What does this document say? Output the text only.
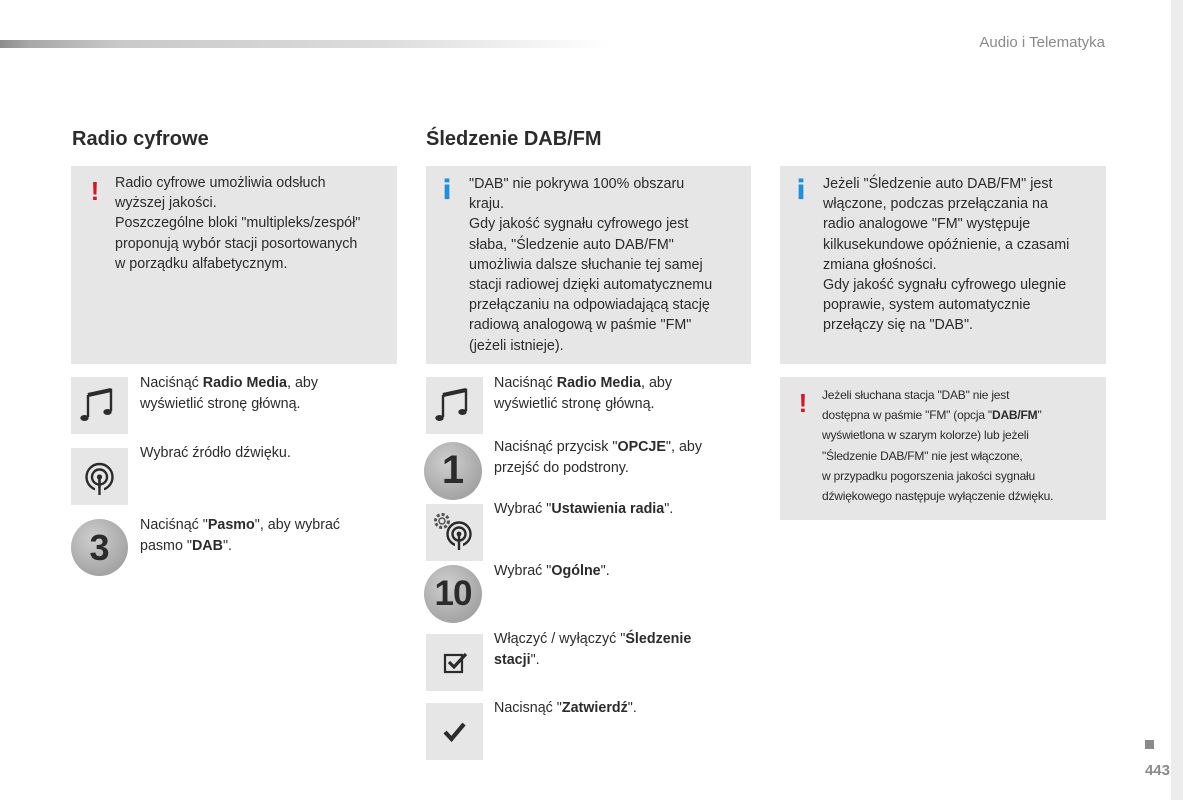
Audio i Telematyka
443
Radio cyfrowe
! Radio cyfrowe umożliwia odsłuch
wyższej jakości.
Poszczególne bloki "multipleks/zespół"
proponują wybór stacji posortowanych
w porządku alfabetycznym.
Naciśnąć Radio Media, aby
wyświetlić stronę główną.
Wybrać źródło dźwięku.
3
Naciśnąć "Pasmo", aby wybrać
pasmo "DAB".
Śledzenie DAB/FM
i "DAB" nie pokrywa 100% obszaru
kraju.
Gdy jakość sygnału cyfrowego jest
słaba, "Śledzenie auto DAB/FM"
umożliwia dalsze słuchanie tej samej
stacji radiowej dzięki automatycznemu
przełączaniu na odpowiadającą stację
radiową analogową w paśmie "FM"
(jeżeli istnieje).
Naciśnąć Radio Media, aby
wyświetlić stronę główną.
1
Naciśnąć przycisk "OPCJE", aby
przejść do podstrony.
Wybrać "Ustawienia radia".
10
Wybrać "Ogólne".
Włączyć / wyłączyć "Śledzenie
stacji".
Nacisnąć "Zatwierdź".
i Jeżeli "Śledzenie auto DAB/FM" jest
włączone, podczas przełączania na
radio analogowe "FM" występuje
kilkusekundowe opóźnienie, a czasami
zmiana głośności.
Gdy jakość sygnału cyfrowego ulegnie
poprawie, system automatycznie
przełączy się na "DAB".
! Jeżeli słuchana stacja "DAB" nie jest
dostępna w paśmie "FM" (opcja "DAB/FM"
wyświetlona w szarym kolorze) lub jeżeli
"Śledzenie DAB/FM" nie jest włączone,
w przypadku pogorszenia jakości sygnału
dźwiękowego następuje wyłączenie dźwięku.
